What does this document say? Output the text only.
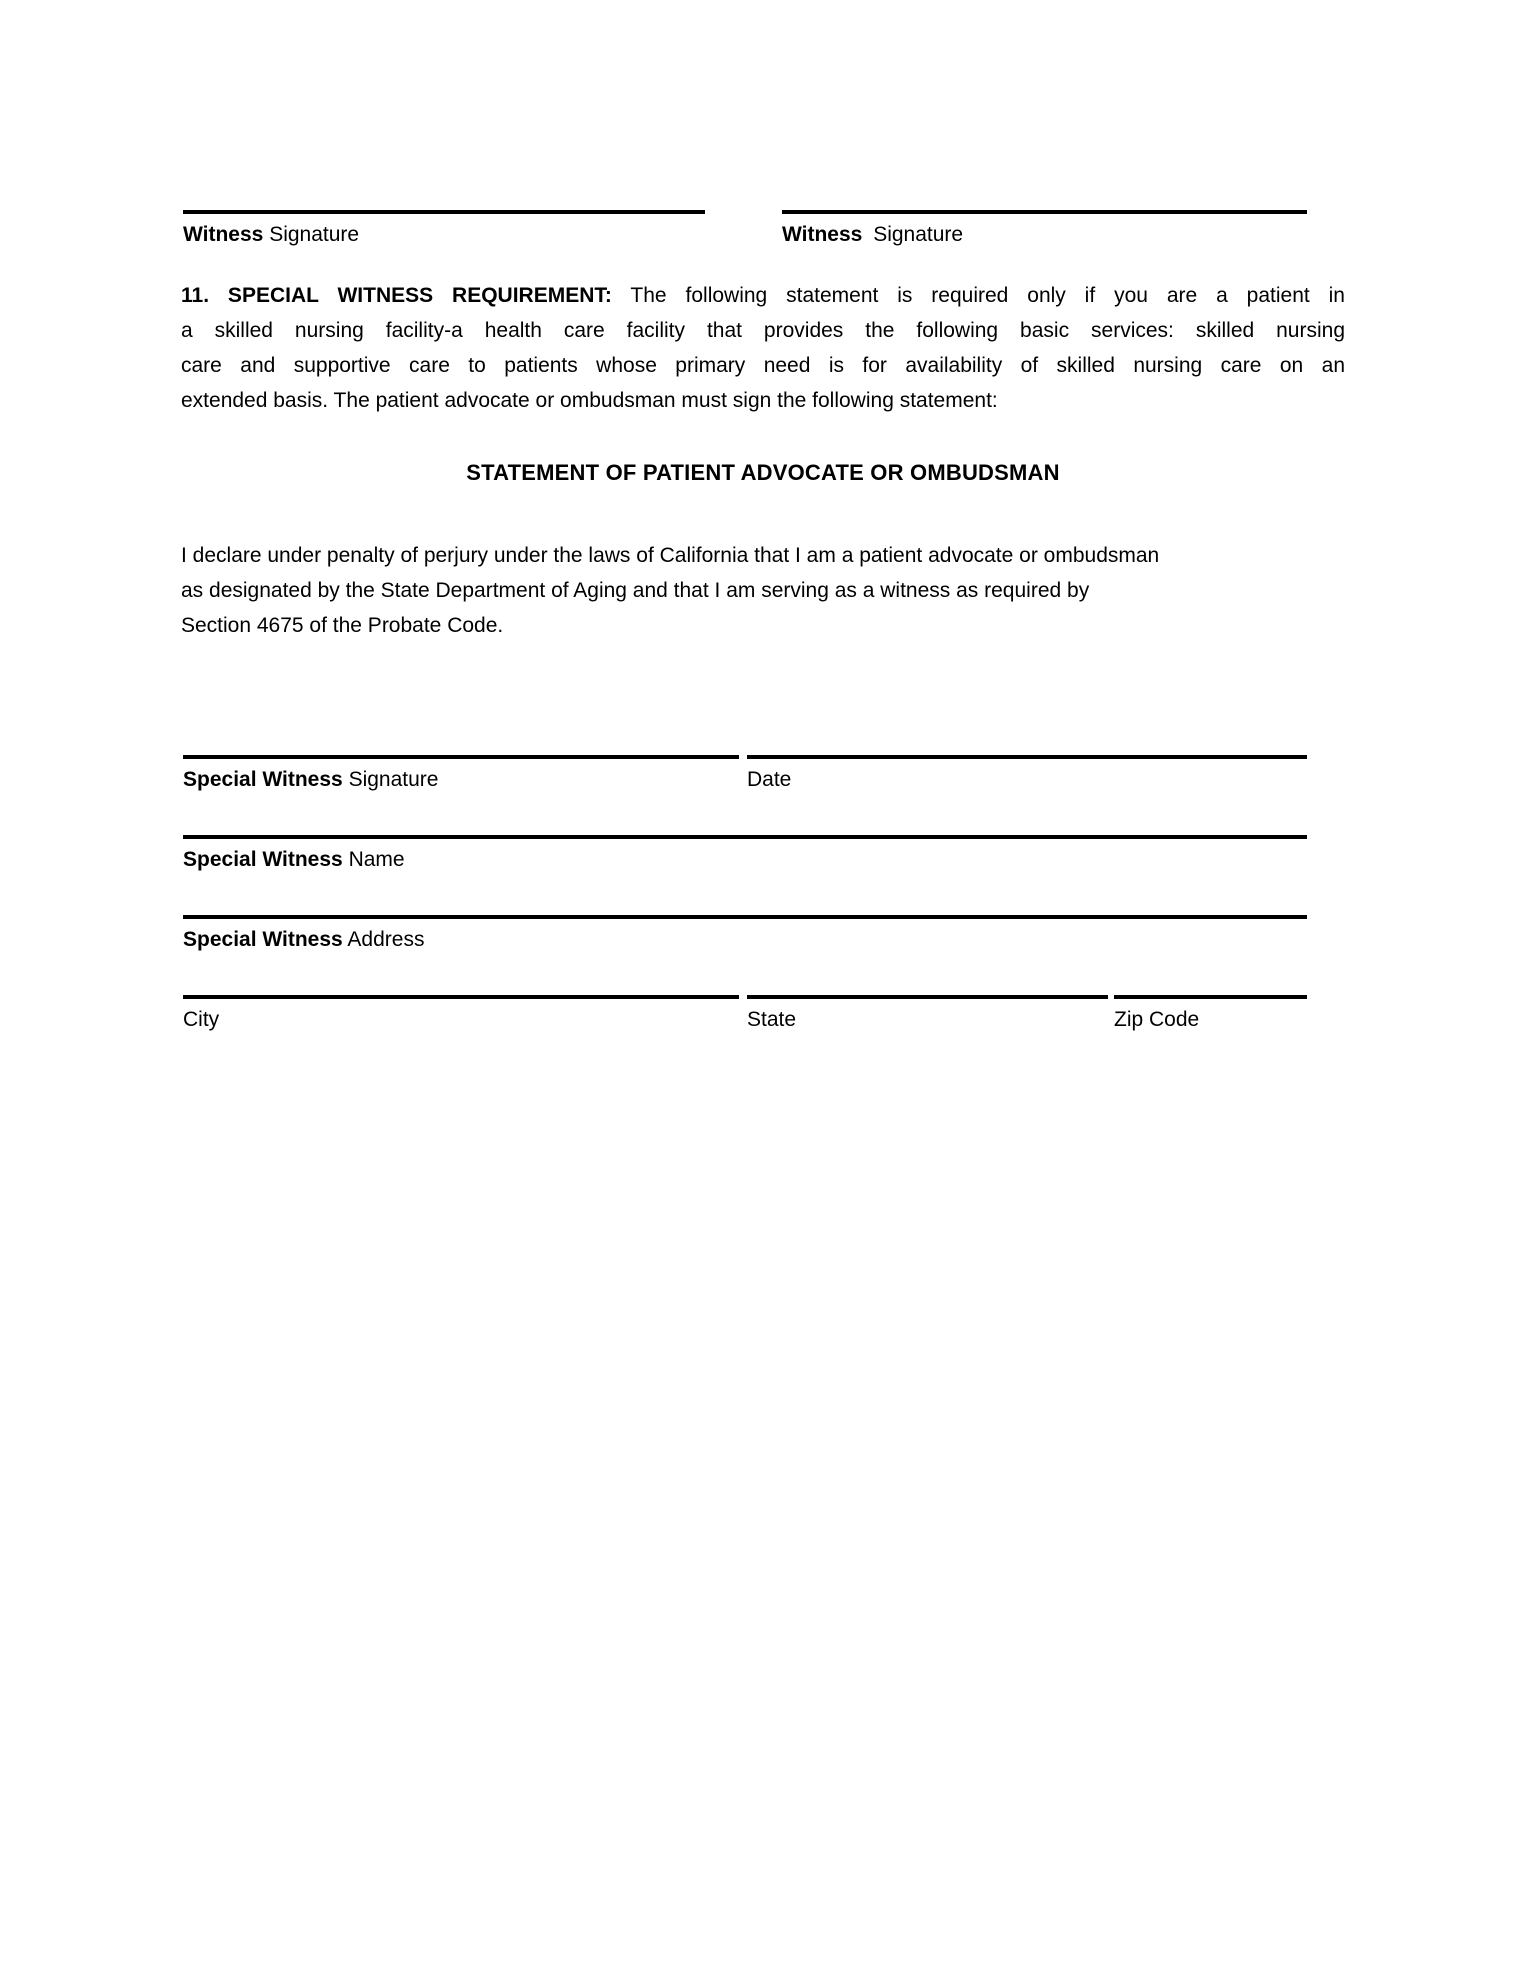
Witness Signature	Witness Signature
11. SPECIAL WITNESS REQUIREMENT: The following statement is required only if you are a patient in
a skilled nursing facility-a health care facility that provides the following basic services: skilled nursing
care and supportive care to patients whose primary need is for availability of skilled nursing care on an
extended basis. The patient advocate or ombudsman must sign the following statement:
STATEMENT OF PATIENT ADVOCATE OR OMBUDSMAN
I declare under penalty of perjury under the laws of California that I am a patient advocate or ombudsman
as designated by the State Department of Aging and that I am serving as a witness as required by
Section 4675 of the Probate Code.
Special Witness Signature	Date
Special Witness Name
Special Witness Address
City	State	Zip Code
